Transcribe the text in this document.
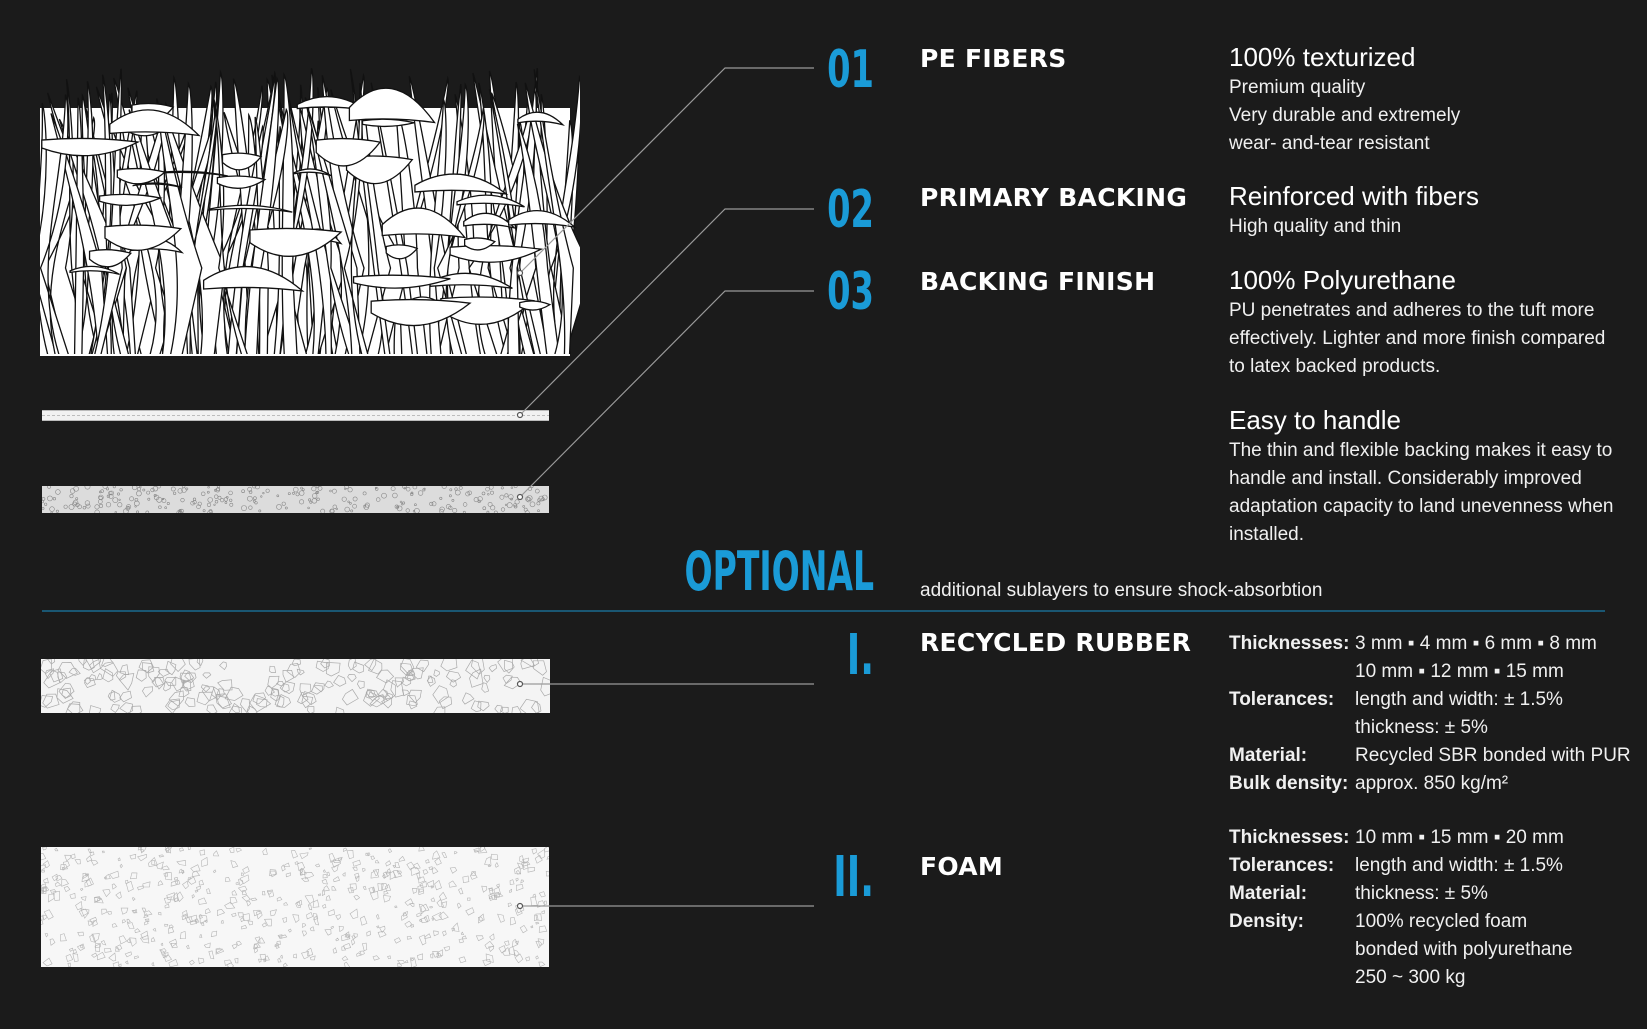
01 PE FIBERS	100% texturized
Premium quality
Very durable and extremely
wear- and-tear resistant
02 PRIMARY BACKING Reinforced with fibers
High quality and thin
03 BACKING FINISH	100% Polyurethane
PU penetrates and adheres to the tuft more
effectively. Lighter and more finish compared
to latex backed products.
Easy to handle
The thin and flexible backing makes it easy to
handle and install. Considerably improved
adaptation capacity to land unevenness when
installed.
OPTIONAL additional sublayers to ensure shock-absorbtion
I. RECYCLED RUBBER Thicknesses:	3 mm ▪ 4 mm ▪ 6 mm ▪ 8 mm
	10 mm ▪ 12 mm ▪ 15 mm
Tolerances:	length and width: ± 1.5%
	thickness: ± 5%
Material:	Recycled SBR bonded with PUR
Bulk density:	approx. 850 kg/m²
II. FOAM
Thicknesses:	10 mm ▪ 15 mm ▪ 20 mm
Tolerances:	length and width: ± 1.5%
Material:	thickness: ± 5%
Density:	100% recycled foam
	bonded with polyurethane
	250 ~ 300 kg
